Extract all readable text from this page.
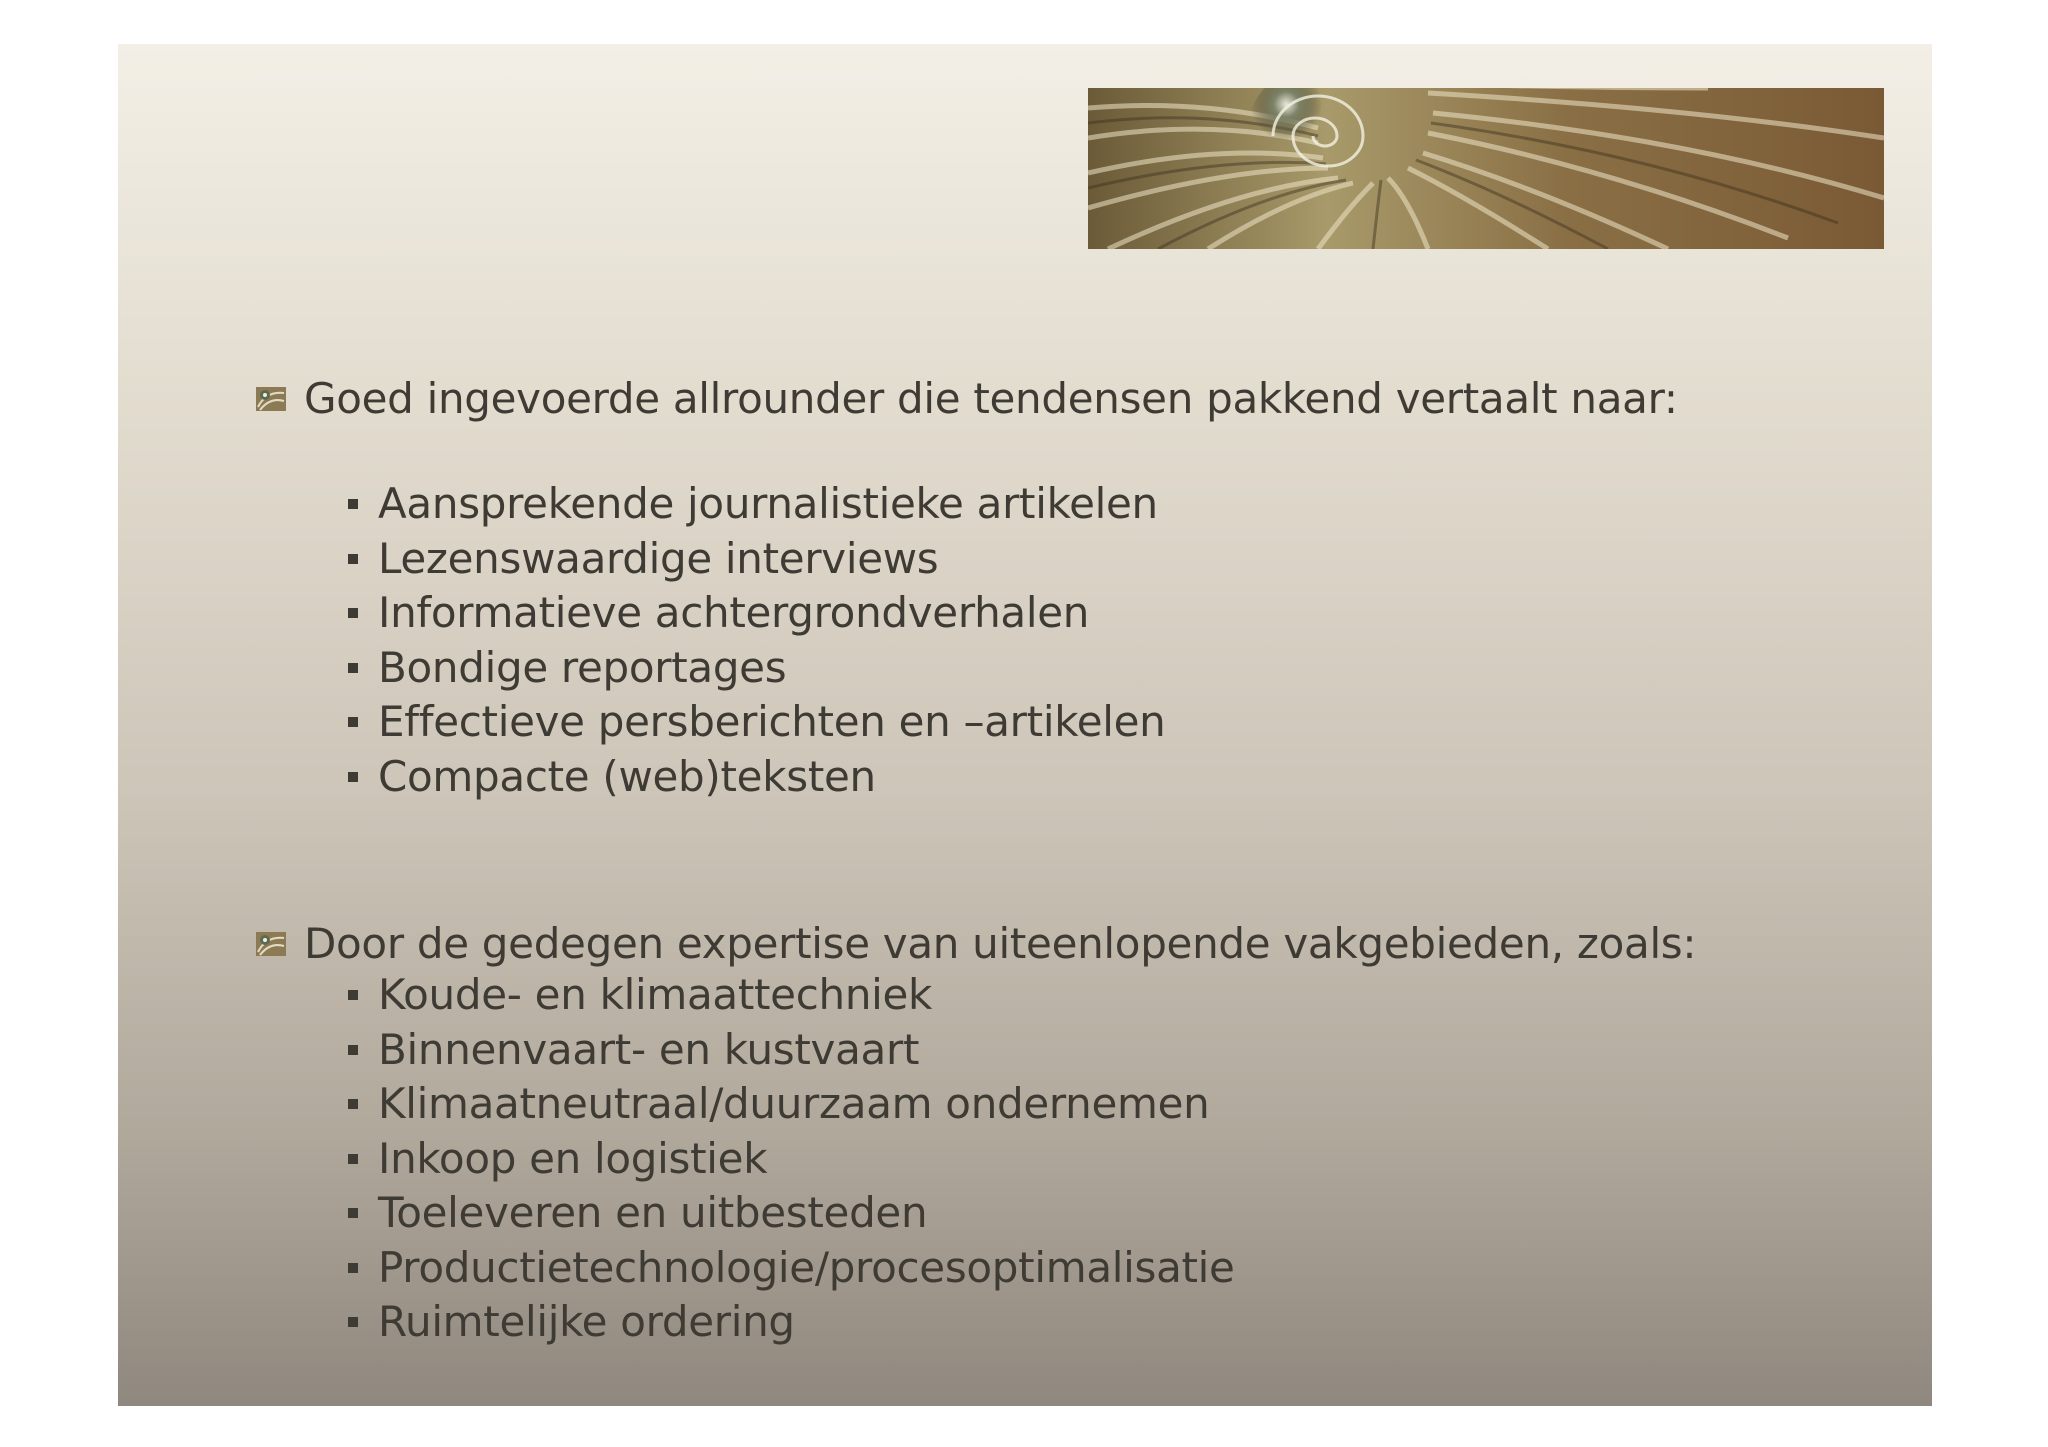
Goed ingevoerde allrounder die tendensen pakkend vertaalt naar:
Aansprekende journalistieke artikelen
Lezenswaardige interviews
Informatieve achtergrondverhalen
Bondige reportages
Effectieve persberichten en –artikelen
Compacte (web)teksten
Door de gedegen expertise van uiteenlopende vakgebieden, zoals:
Koude- en klimaattechniek
Binnenvaart- en kustvaart
Klimaatneutraal/duurzaam ondernemen
Inkoop en logistiek
Toeleveren en uitbesteden
Productietechnologie/procesoptimalisatie
Ruimtelijke ordering
